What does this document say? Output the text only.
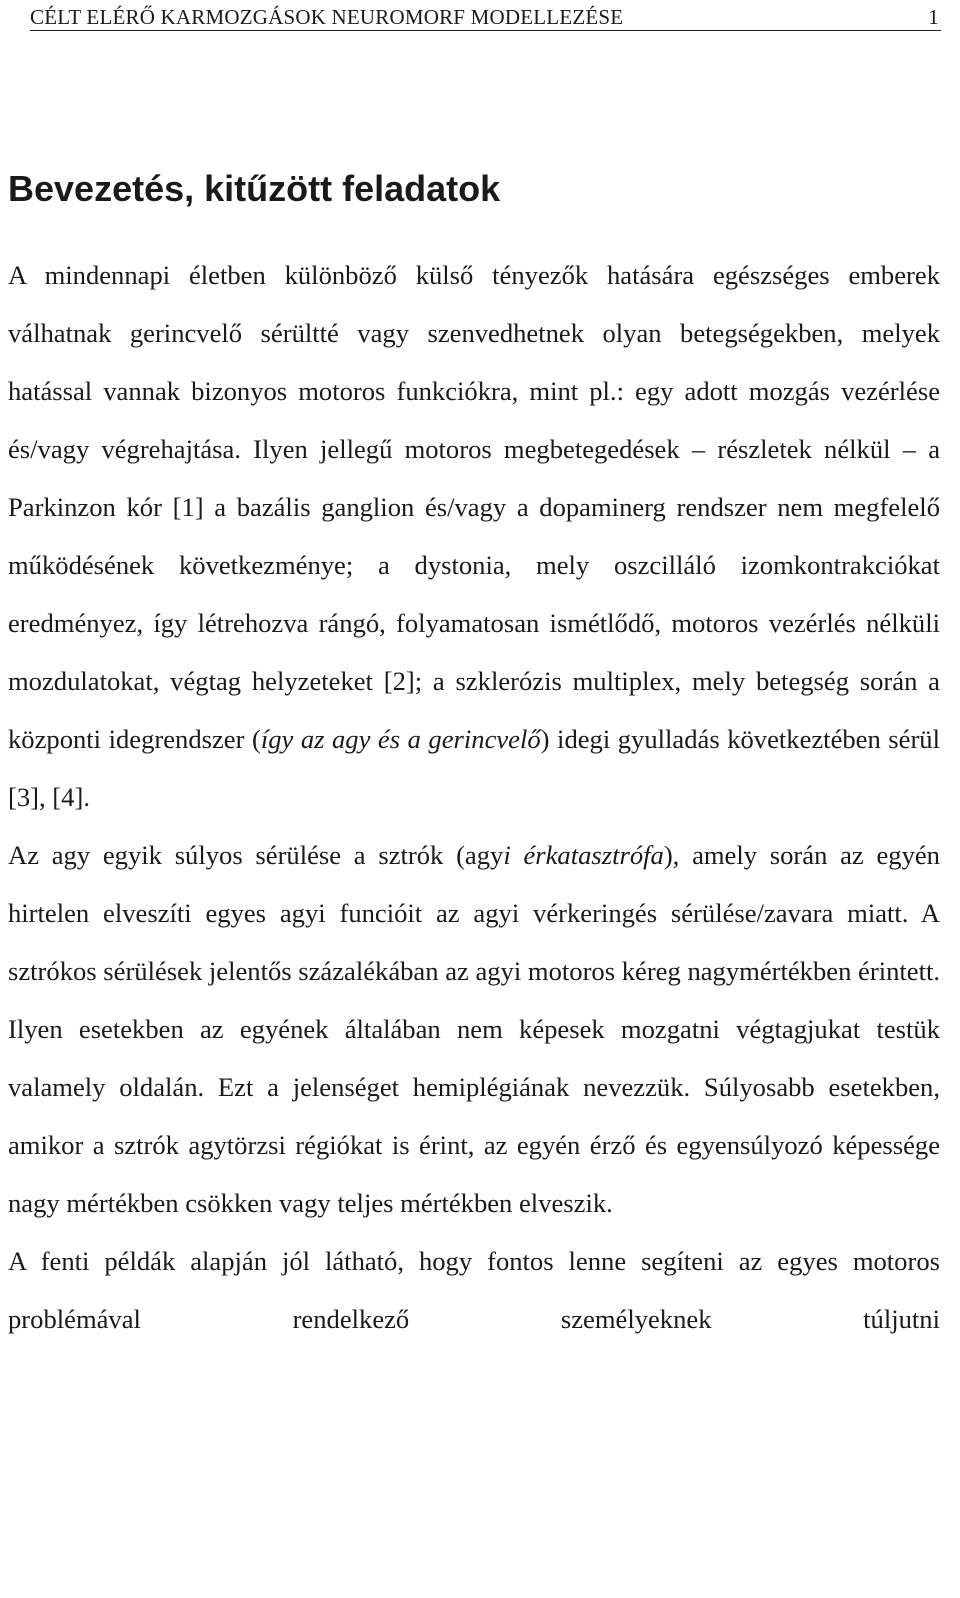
CÉLT ELÉRŐ KARMOZGÁSOK NEUROMORF MODELLEZÉSE	1
Bevezetés, kitűzött feladatok

A mindennapi életben különböző külső tényezők hatására egészséges emberek válhatnak gerincvelő sérültté vagy szenvedhetnek olyan betegségekben, melyek hatással vannak bizonyos motoros funkciókra, mint pl.: egy adott mozgás vezérlése és/vagy végrehajtása. Ilyen jellegű motoros megbetegedések – részletek nélkül – a Parkinzon kór [1] a bazális ganglion és/vagy a dopaminerg rendszer nem megfelelő működésének következménye; a dystonia, mely oszcilláló izomkontrakciókat eredményez, így létrehozva rángó, folyamatosan ismétlődő, motoros vezérlés nélküli mozdulatokat, végtag helyzeteket [2]; a szklerózis multiplex, mely betegség során a központi idegrendszer (így az agy és a gerincvelő) idegi gyulladás következtében sérül [3], [4].

Az agy egyik súlyos sérülése a sztrók (agyi érkatasztrófa), amely során az egyén hirtelen elveszíti egyes agyi funcióit az agyi vérkeringés sérülése/zavara miatt. A sztrókos sérülések jelentős százalékában az agyi motoros kéreg nagymértékben érintett. Ilyen esetekben az egyének általában nem képesek mozgatni végtagjukat testük valamely oldalán. Ezt a jelenséget hemiplégiának nevezzük. Súlyosabb esetekben, amikor a sztrók agytörzsi régiókat is érint, az egyén érző és egyensúlyozó képessége nagy mértékben csökken vagy teljes mértékben elveszik.

A fenti példák alapján jól látható, hogy fontos lenne segíteni az egyes motoros problémával rendelkező személyeknek túljutni
